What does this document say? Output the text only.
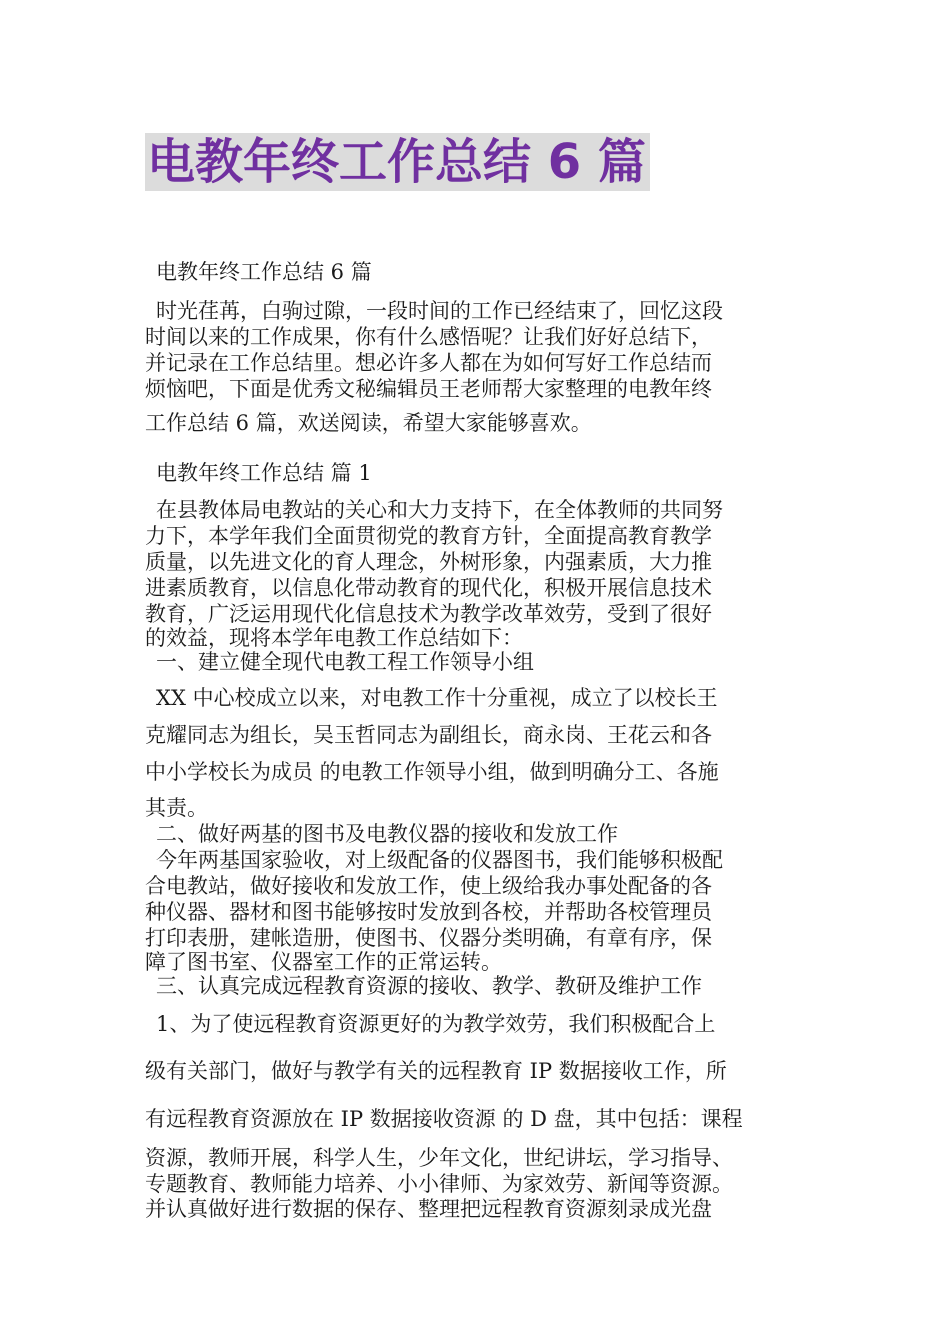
电教年终工作总结 6 篇
电教年终工作总结 6 篇
时光荏苒，白驹过隙，一段时间的工作已经结束了，回忆这段
时间以来的工作成果，你有什么感悟呢？让我们好好总结下，
并记录在工作总结里。想必许多人都在为如何写好工作总结而
烦恼吧，下面是优秀文秘编辑员王老师帮大家整理的电教年终
工作总结 6 篇，欢送阅读，希望大家能够喜欢。
电教年终工作总结 篇 1
在县教体局电教站的关心和大力支持下，在全体教师的共同努
力下，本学年我们全面贯彻党的教育方针，全面提高教育教学
质量，以先进文化的育人理念，外树形象，内强素质，大力推
进素质教育，以信息化带动教育的现代化，积极开展信息技术
教育，广泛运用现代化信息技术为教学改革效劳，受到了很好
的效益，现将本学年电教工作总结如下：
一、建立健全现代电教工程工作领导小组
XX 中心校成立以来，对电教工作十分重视，成立了以校长王
克耀同志为组长，吴玉哲同志为副组长，商永岗、王花云和各
中小学校长为成员 的电教工作领导小组，做到明确分工、各施
其责。
二、做好两基的图书及电教仪器的接收和发放工作
今年两基国家验收，对上级配备的仪器图书，我们能够积极配
合电教站，做好接收和发放工作，使上级给我办事处配备的各
种仪器、器材和图书能够按时发放到各校，并帮助各校管理员
打印表册，建帐造册，使图书、仪器分类明确，有章有序，保
障了图书室、仪器室工作的正常运转。
三、认真完成远程教育资源的接收、教学、教研及维护工作
1、为了使远程教育资源更好的为教学效劳，我们积极配合上
级有关部门，做好与教学有关的远程教育 IP 数据接收工作，所
有远程教育资源放在 IP 数据接收资源 的 D 盘，其中包括：课程
资源，教师开展，科学人生，少年文化，世纪讲坛，学习指导、
专题教育、教师能力培养、小小律师、为家效劳、新闻等资源。
并认真做好进行数据的保存、整理把远程教育资源刻录成光盘
